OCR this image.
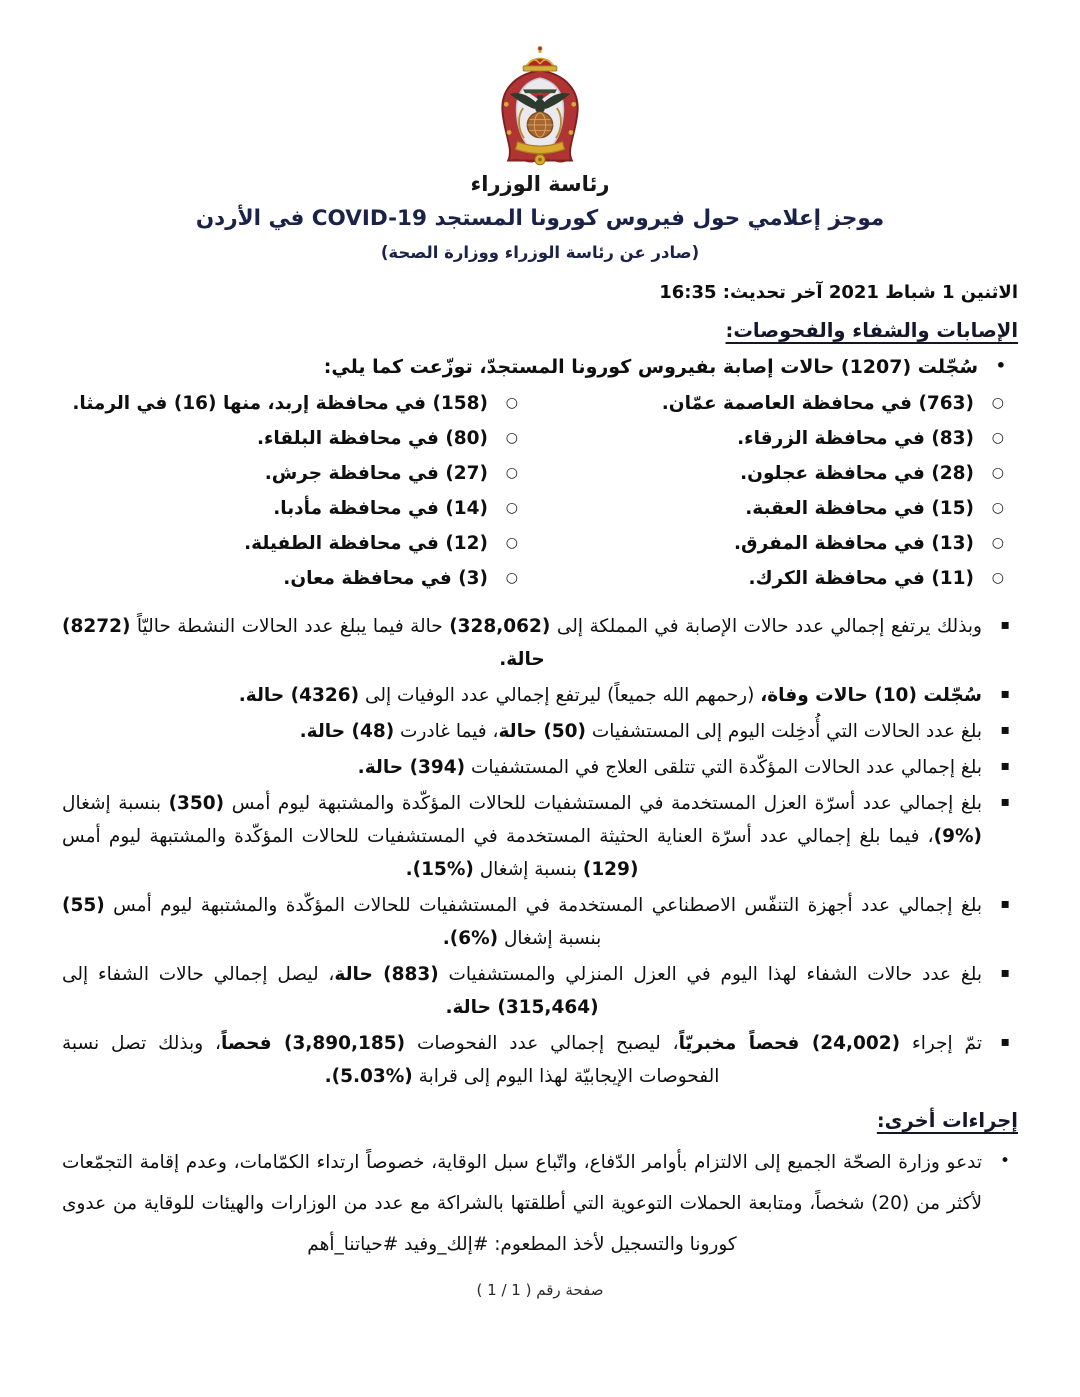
رئاسة الوزراء
موجز إعلامي حول فيروس كورونا المستجد COVID-19 في الأردن
(صادر عن رئاسة الوزراء ووزارة الصحة)
الاثنين 1 شباط 2021 آخر تحديث: 16:35
الإصابات والشفاء والفحوصات:
•
سُجّلت (1207) حالات إصابة بفيروس كورونا المستجدّ، توزّعت كما يلي:
○
(763) في محافظة العاصمة عمّان.
○
(83) في محافظة الزرقاء.
○
(28) في محافظة عجلون.
○
(15) في محافظة العقبة.
○
(13) في محافظة المفرق.
○
(11) في محافظة الكرك.
○
(158) في محافظة إربد، منها (16) في الرمثا.
○
(80) في محافظة البلقاء.
○
(27) في محافظة جرش.
○
(14) في محافظة مأدبا.
○
(12) في محافظة الطفيلة.
○
(3) في محافظة معان.
▪
وبذلك يرتفع إجمالي عدد حالات الإصابة في المملكة إلى (328,062) حالة فيما يبلغ عدد الحالات النشطة حاليّاً (8272) حالة.
▪
سُجّلت (10) حالات وفاة، (رحمهم الله جميعاً) ليرتفع إجمالي عدد الوفيات إلى (4326) حالة.
▪
بلغ عدد الحالات التي أُدخِلت اليوم إلى المستشفيات (50) حالة، فيما غادرت (48) حالة.
▪
بلغ إجمالي عدد الحالات المؤكّدة التي تتلقى العلاج في المستشفيات (394) حالة.
▪
بلغ إجمالي عدد أسرّة العزل المستخدمة في المستشفيات للحالات المؤكّدة والمشتبهة ليوم أمس (350) بنسبة إشغال (%9)، فيما بلغ إجمالي عدد أسرّة العناية الحثيثة المستخدمة في المستشفيات للحالات المؤكّدة والمشتبهة ليوم أمس (129) بنسبة إشغال (%15).
▪
بلغ إجمالي عدد أجهزة التنفّس الاصطناعي المستخدمة في المستشفيات للحالات المؤكّدة والمشتبهة ليوم أمس (55) بنسبة إشغال (%6).
▪
بلغ عدد حالات الشفاء لهذا اليوم في العزل المنزلي والمستشفيات (883) حالة، ليصل إجمالي حالات الشفاء إلى (315,464) حالة.
▪
تمّ إجراء (24,002) فحصاً مخبريّاً، ليصبح إجمالي عدد الفحوصات (3,890,185) فحصاً، وبذلك تصل نسبة الفحوصات الإيجابيّة لهذا اليوم إلى قرابة (%5.03).
إجراءات أخرى:
•
تدعو وزارة الصحّة الجميع إلى الالتزام بأوامر الدّفاع، واتّباع سبل الوقاية، خصوصاً ارتداء الكمّامات، وعدم إقامة التجمّعات لأكثر من (20) شخصاً، ومتابعة الحملات التوعوية التي أطلقتها بالشراكة مع عدد من الوزارات والهيئات للوقاية من عدوى كورونا والتسجيل لأخذ المطعوم: #إلك_وفيد #حياتنا_أهم
صفحة رقم ( 1 / 1 )
